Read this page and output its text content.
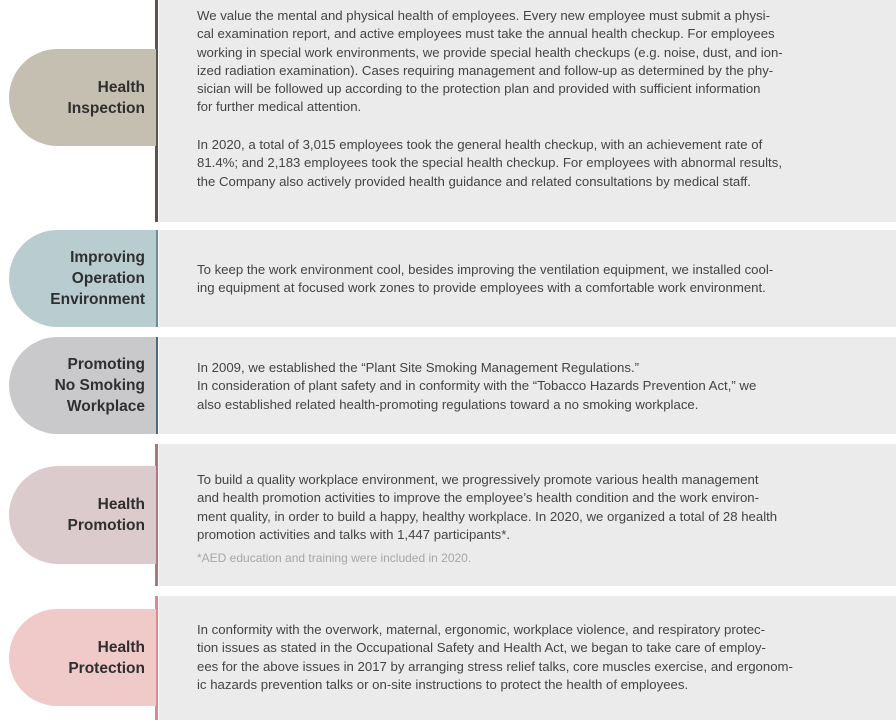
Health
Inspection
We value the mental and physical health of employees. Every new employee must submit a physi-
cal examination report, and active employees must take the annual health checkup. For employees
working in special work environments, we provide special health checkups (e.g. noise, dust, and ion-
ized radiation examination). Cases requiring management and follow-up as determined by the phy-
sician will be followed up according to the protection plan and provided with sufficient information
for further medical attention.
In 2020, a total of 3,015 employees took the general health checkup, with an achievement rate of
81.4%; and 2,183 employees took the special health checkup. For employees with abnormal results,
the Company also actively provided health guidance and related consultations by medical staff.
Improving
Operation
Environment
To keep the work environment cool, besides improving the ventilation equipment, we installed cool-
ing equipment at focused work zones to provide employees with a comfortable work environment.
Promoting
No Smoking
Workplace
In 2009, we established the “Plant Site Smoking Management Regulations.”
In consideration of plant safety and in conformity with the “Tobacco Hazards Prevention Act,” we
also established related health-promoting regulations toward a no smoking workplace.
Health
Promotion
To build a quality workplace environment, we progressively promote various health management
and health promotion activities to improve the employee’s health condition and the work environ-
ment quality, in order to build a happy, healthy workplace. In 2020, we organized a total of 28 health
promotion activities and talks with 1,447 participants*.
*AED education and training were included in 2020.
Health
Protection
In conformity with the overwork, maternal, ergonomic, workplace violence, and respiratory protec-
tion issues as stated in the Occupational Safety and Health Act, we began to take care of employ-
ees for the above issues in 2017 by arranging stress relief talks, core muscles exercise, and ergonom-
ic hazards prevention talks or on-site instructions to protect the health of employees.
